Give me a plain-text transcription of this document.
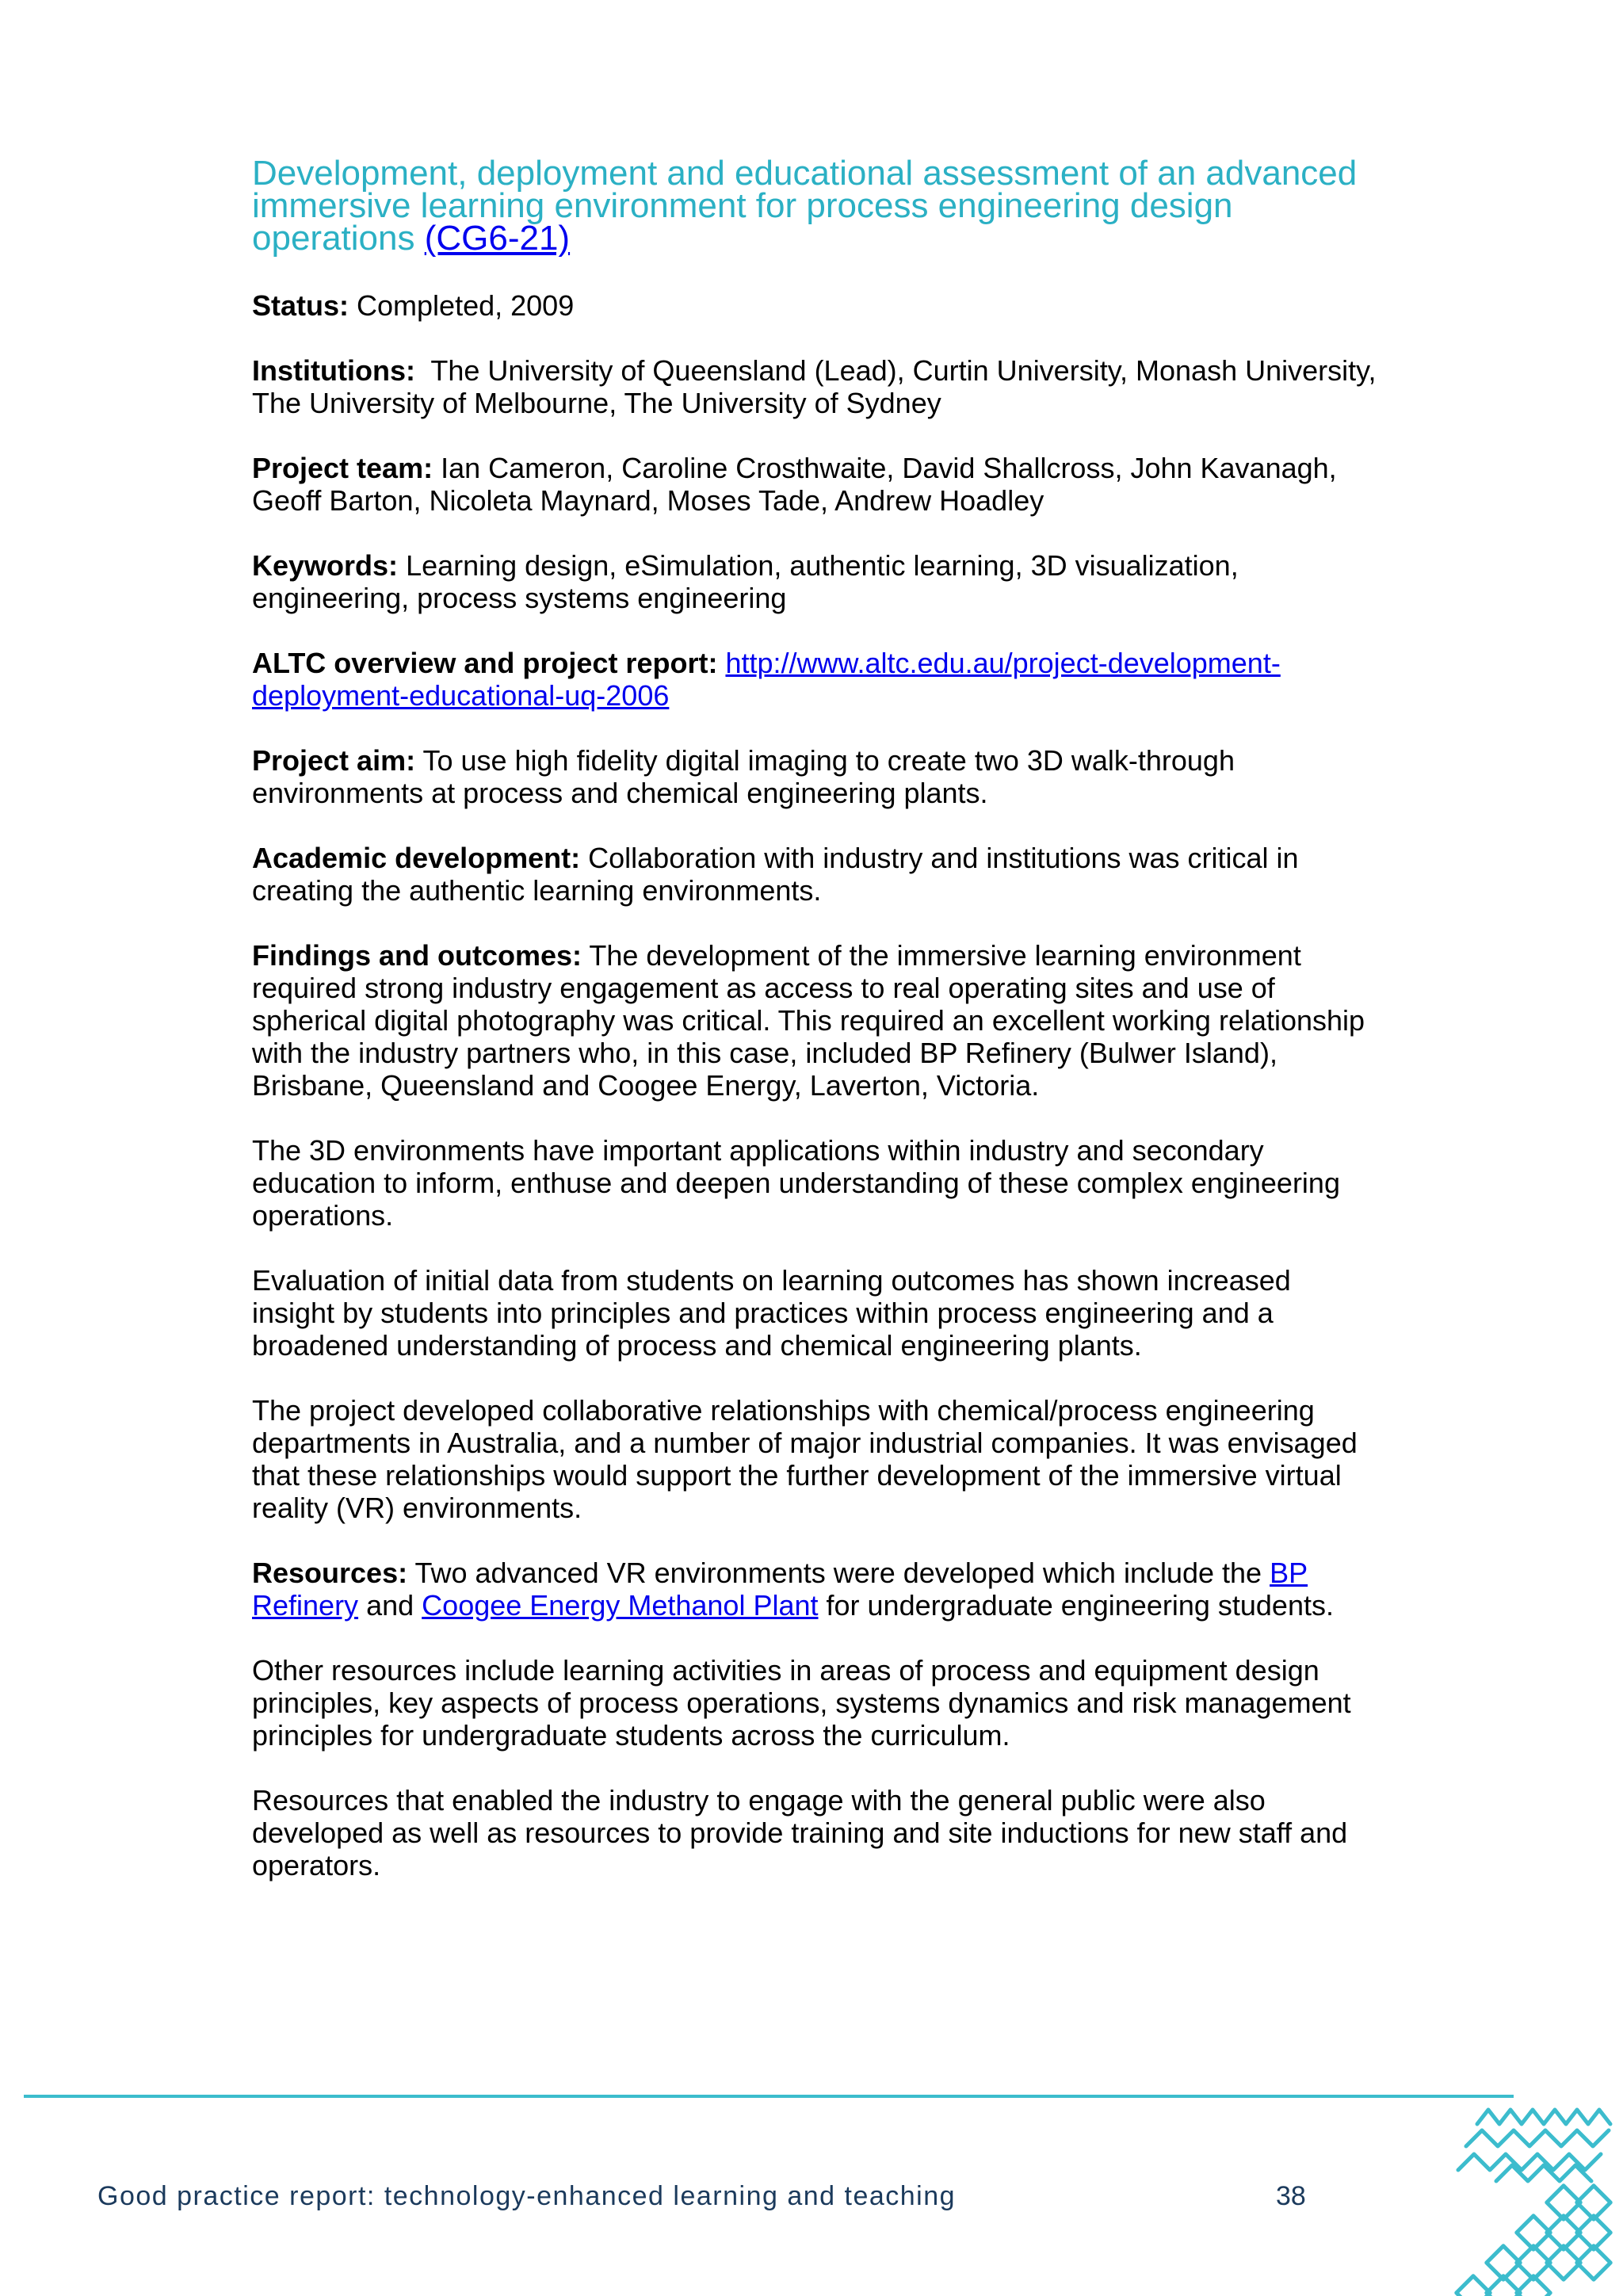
Development, deployment and educational assessment of an advanced immersive learning environment for process engineering design operations (CG6-21)

Status: Completed, 2009

Institutions: The University of Queensland (Lead), Curtin University, Monash University, The University of Melbourne, The University of Sydney

Project team: Ian Cameron, Caroline Crosthwaite, David Shallcross, John Kavanagh, Geoff Barton, Nicoleta Maynard, Moses Tade, Andrew Hoadley

Keywords: Learning design, eSimulation, authentic learning, 3D visualization, engineering, process systems engineering

ALTC overview and project report: http://www.altc.edu.au/project-development-deployment-educational-uq-2006

Project aim: To use high fidelity digital imaging to create two 3D walk-through environments at process and chemical engineering plants.

Academic development: Collaboration with industry and institutions was critical in creating the authentic learning environments.

Findings and outcomes: The development of the immersive learning environment required strong industry engagement as access to real operating sites and use of spherical digital photography was critical. This required an excellent working relationship with the industry partners who, in this case, included BP Refinery (Bulwer Island), Brisbane, Queensland and Coogee Energy, Laverton, Victoria.

The 3D environments have important applications within industry and secondary education to inform, enthuse and deepen understanding of these complex engineering operations.

Evaluation of initial data from students on learning outcomes has shown increased insight by students into principles and practices within process engineering and a broadened understanding of process and chemical engineering plants.

The project developed collaborative relationships with chemical/process engineering departments in Australia, and a number of major industrial companies. It was envisaged that these relationships would support the further development of the immersive virtual reality (VR) environments.

Resources: Two advanced VR environments were developed which include the BP Refinery and Coogee Energy Methanol Plant for undergraduate engineering students.

Other resources include learning activities in areas of process and equipment design principles, key aspects of process operations, systems dynamics and risk management principles for undergraduate students across the curriculum.

Resources that enabled the industry to engage with the general public were also developed as well as resources to provide training and site inductions for new staff and operators.

Good practice report: technology-enhanced learning and teaching	38
